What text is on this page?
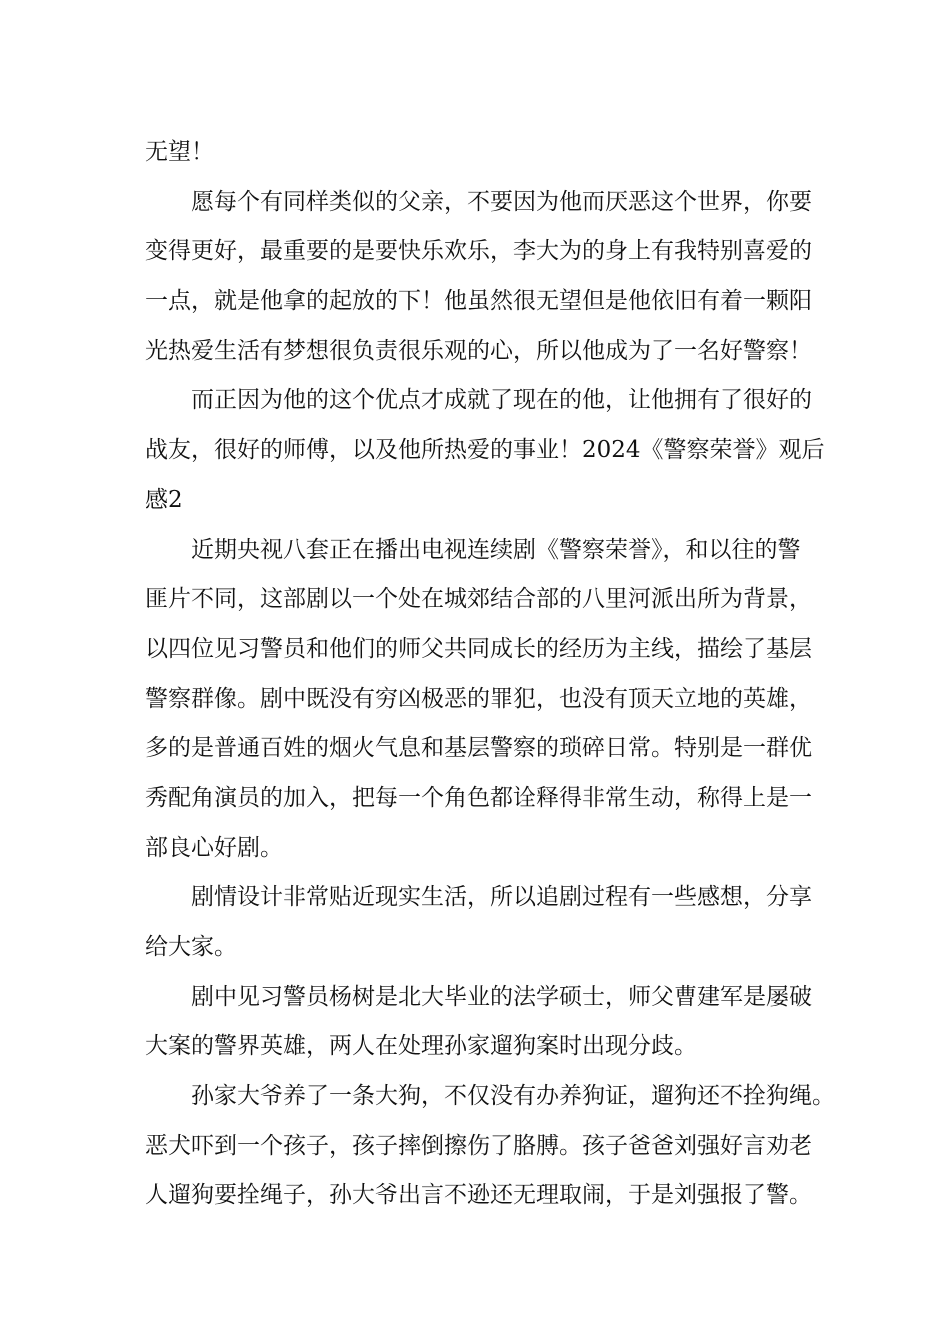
无望！
愿每个有同样类似的父亲，不要因为他而厌恶这个世界，你要
变得更好，最重要的是要快乐欢乐，李大为的身上有我特别喜爱的
一点，就是他拿的起放的下！他虽然很无望但是他依旧有着一颗阳
光热爱生活有梦想很负责很乐观的心，所以他成为了一名好警察！
而正因为他的这个优点才成就了现在的他，让他拥有了很好的
战友，很好的师傅，以及他所热爱的事业！2024《警察荣誉》观后
感2
近期央视八套正在播出电视连续剧《警察荣誉》，和以往的警
匪片不同，这部剧以一个处在城郊结合部的八里河派出所为背景，
以四位见习警员和他们的师父共同成长的经历为主线，描绘了基层
警察群像。剧中既没有穷凶极恶的罪犯，也没有顶天立地的英雄，
多的是普通百姓的烟火气息和基层警察的琐碎日常。特别是一群优
秀配角演员的加入，把每一个角色都诠释得非常生动，称得上是一
部良心好剧。
剧情设计非常贴近现实生活，所以追剧过程有一些感想，分享
给大家。
剧中见习警员杨树是北大毕业的法学硕士，师父曹建军是屡破
大案的警界英雄，两人在处理孙家遛狗案时出现分歧。
孙家大爷养了一条大狗，不仅没有办养狗证，遛狗还不拴狗绳。
恶犬吓到一个孩子，孩子摔倒擦伤了胳膊。孩子爸爸刘强好言劝老
人遛狗要拴绳子，孙大爷出言不逊还无理取闹，于是刘强报了警。
